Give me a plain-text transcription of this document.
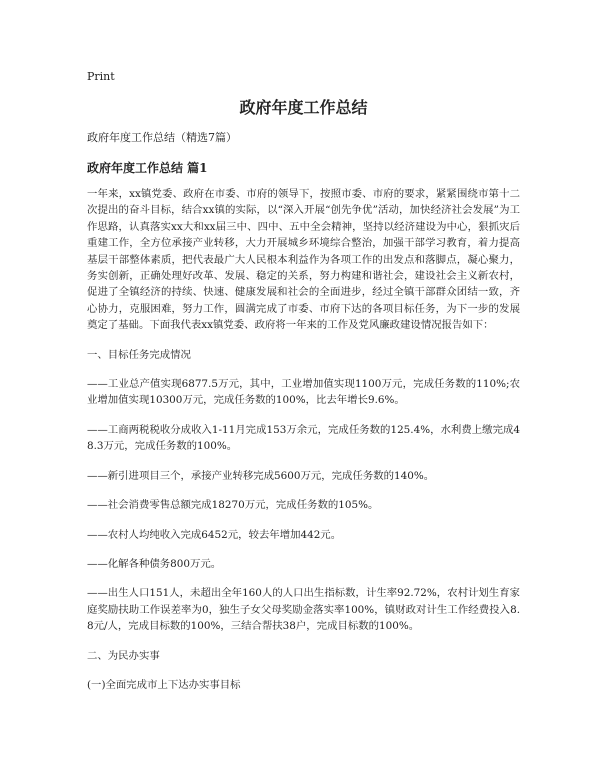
Print
政府年度工作总结
政府年度工作总结（精选7篇）
政府年度工作总结 篇1

一年来，xx镇党委、政府在市委、市府的领导下，按照市委、市府的要求，紧紧围绕市第十二次提出的奋斗目标，结合xx镇的实际，以“深入开展“创先争优”活动，加快经济社会发展”为工作思路，认真落实xx大和xx届三中、四中、五中全会精神，坚持以经济建设为中心，狠抓灾后重建工作，全方位承接产业转移，大力开展城乡环境综合整治，加强干部学习教育，着力提高基层干部整体素质，把代表最广大人民根本利益作为各项工作的出发点和落脚点，凝心聚力，务实创新，正确处理好改革、发展、稳定的关系，努力构建和谐社会，建设社会主义新农村，促进了全镇经济的持续、快速、健康发展和社会的全面进步，经过全镇干部群众团结一致，齐心协力，克服困难，努力工作，圆满完成了市委、市府下达的各项目标任务，为下一步的发展奠定了基础。下面我代表xx镇党委、政府将一年来的工作及党风廉政建设情况报告如下：

一、目标任务完成情况

——工业总产值实现6877.5万元，其中，工业增加值实现1100万元，完成任务数的110%;农业增加值实现10300万元，完成任务数的100%，比去年增长9.6%。

——工商两税税收分成收入1-11月完成153万余元，完成任务数的125.4%，水利费上缴完成48.3万元，完成任务数的100%。

——新引进项目三个，承接产业转移完成5600万元，完成任务数的140%。

——社会消费零售总额完成18270万元，完成任务数的105%。

——农村人均纯收入完成6452元，较去年增加442元。

——化解各种债务800万元。

——出生人口151人，未超出全年160人的人口出生指标数，计生率92.72%，农村计划生育家庭奖励扶助工作误差率为0，独生子女父母奖励金落实率100%，镇财政对计生工作经费投入8.8元/人，完成目标数的100%，三结合帮扶38户，完成目标数的100%。

二、为民办实事

(一)全面完成市上下达办实事目标
